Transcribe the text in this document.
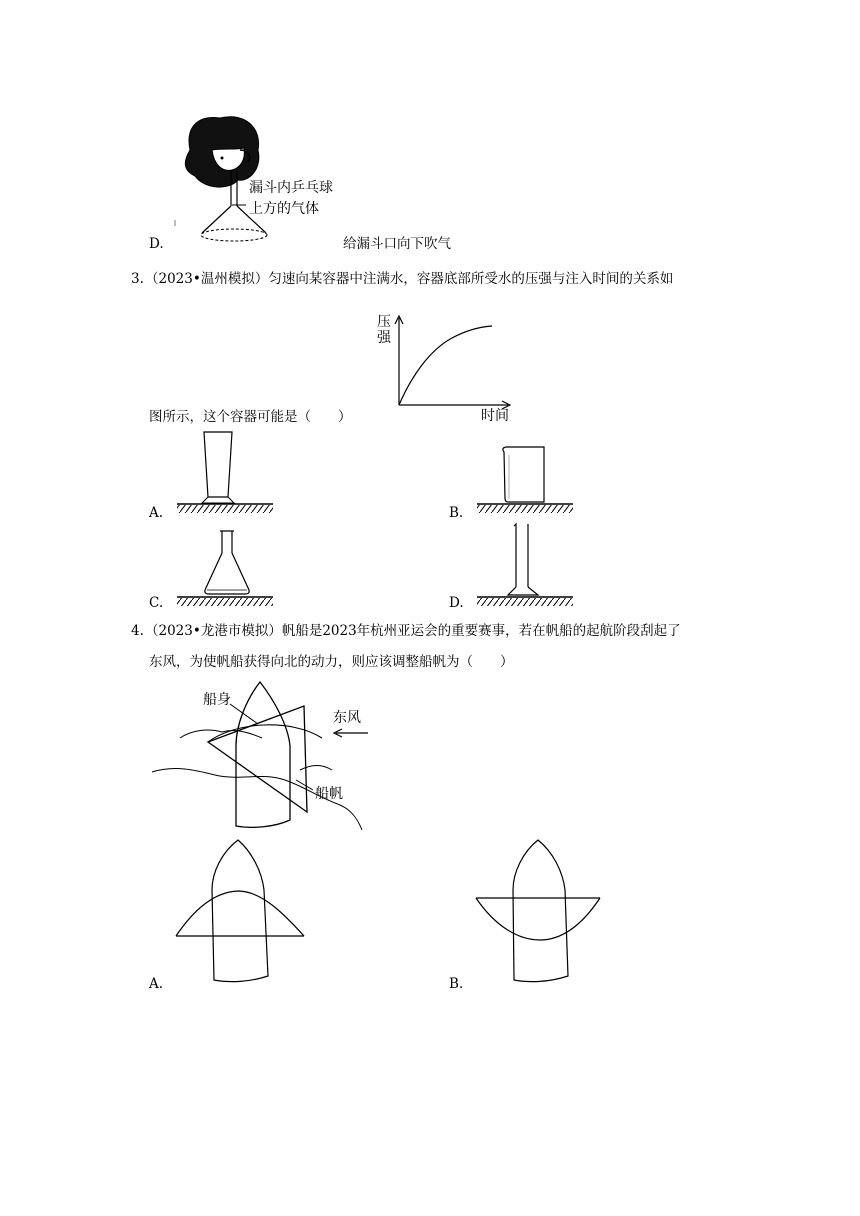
漏斗内乒乓球
上方的气体
D.	给漏斗口向下吹气
3. （2023•温州模拟）匀速向某容器中注满水，容器底部所受水的压强与注入时间的关系如
压强
时间
图所示，这个容器可能是（　　）
A.	B.
C.	D.
4. （2023•龙港市模拟）帆船是2023年杭州亚运会的重要赛事，若在帆船的起航阶段刮起了
东风，为使帆船获得向北的动力，则应该调整船帆为（　　）
船身
东风
船帆
A.	B.
